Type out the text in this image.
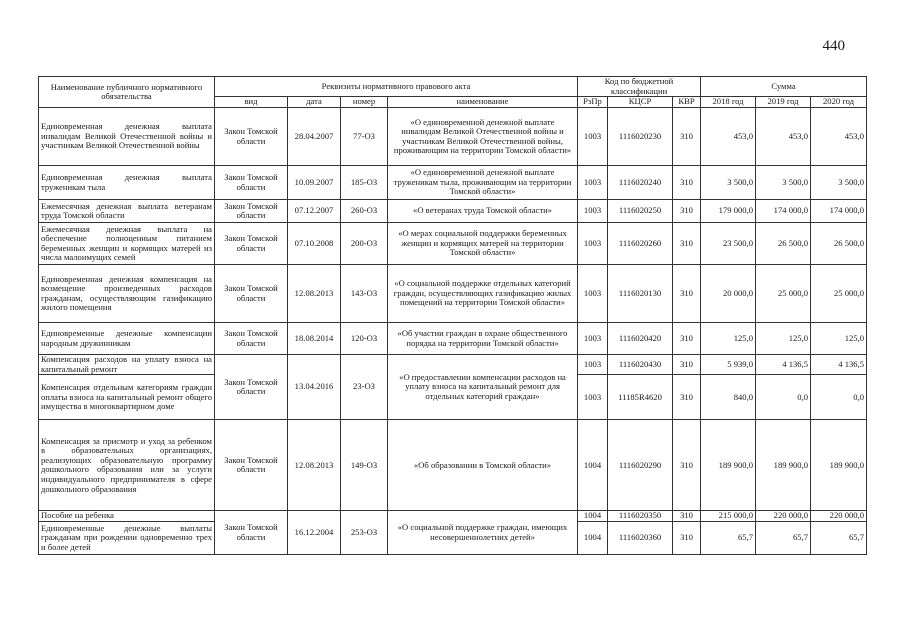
440
Наименование публичного нормативного обязательства	Реквизиты нормативного правового акта				Код по бюджетной классификации			Сумма		
	вид	дата	номер	наименование	РзПр	КЦСР	КВР	2018 год	2019 год	2020 год
Единовременная денежная выплата инвалидам Великой Отечественной войны и участникам Великой Отечественной войны	Закон Томской области	28.04.2007	77-ОЗ	«О единовременной денежной выплате инвалидам Великой Отечественной войны и участникам Великой Отечественной войны, проживающим на территории Томской области»	1003	1116020230	310	453,0	453,0	453,0
Единовременная денежная выплата труженикам тыла	Закон Томской области	10.09.2007	185-ОЗ	«О единовременной денежной выплате труженикам тыла, проживающим на территории Томской области»	1003	1116020240	310	3 500,0	3 500,0	3 500,0
Ежемесячная денежная выплата ветеранам труда Томской области	Закон Томской области	07.12.2007	260-ОЗ	«О ветеранах труда Томской области»	1003	1116020250	310	179 000,0	174 000,0	174 000,0
Ежемесячная денежная выплата на обеспечение полноценным питанием беременных женщин и кормящих матерей из числа малоимущих семей	Закон Томской области	07.10.2008	200-ОЗ	«О мерах социальной поддержки беременных женщин и кормящих матерей на территории Томской области»	1003	1116020260	310	23 500,0	26 500,0	26 500,0
Единовременная денежная компенсация на возмещение произведенных расходов гражданам, осуществляющим газификацию жилого помещения	Закон Томской области	12.08.2013	143-ОЗ	«О социальной поддержке отдельных категорий граждан, осуществляющих газификацию жилых помещений на территории Томской области»	1003	1116020130	310	20 000,0	25 000,0	25 000,0
Единовременные денежные компенсации народным дружинникам	Закон Томской области	18.08.2014	120-ОЗ	«Об участии граждан в охране общественного порядка на территории Томской области»	1003	1116020420	310	125,0	125,0	125,0
Компенсация расходов на уплату взноса на капитальный ремонт	Закон Томской области	13.04.2016	23-ОЗ	«О предоставлении компенсации расходов на уплату взноса на капитальный ремонт для отдельных категорий граждан»	1003	1116020430	310	5 939,0	4 136,5	4 136,5
Компенсация отдельным категориям граждан оплаты взноса на капитальный ремонт общего имущества в многоквартирном доме					1003	11185R4620	310	840,0	0,0	0,0
Компенсация за присмотр и уход за ребенком в образовательных организациях, реализующих образовательную программу дошкольного образования или за услуги индивидуального предпринимателя в сфере дошкольного образования	Закон Томской области	12.08.2013	149-ОЗ	«Об образовании в Томской области»	1004	1116020290	310	189 900,0	189 900,0	189 900,0
Пособие на ребенка	Закон Томской области	16.12.2004	253-ОЗ	«О социальной поддержке граждан, имеющих несовершеннолетних детей»	1004	1116020350	310	215 000,0	220 000,0	220 000,0
Единовременные денежные выплаты гражданам при рождении одновременно трех и более детей					1004	1116020360	310	65,7	65,7	65,7
